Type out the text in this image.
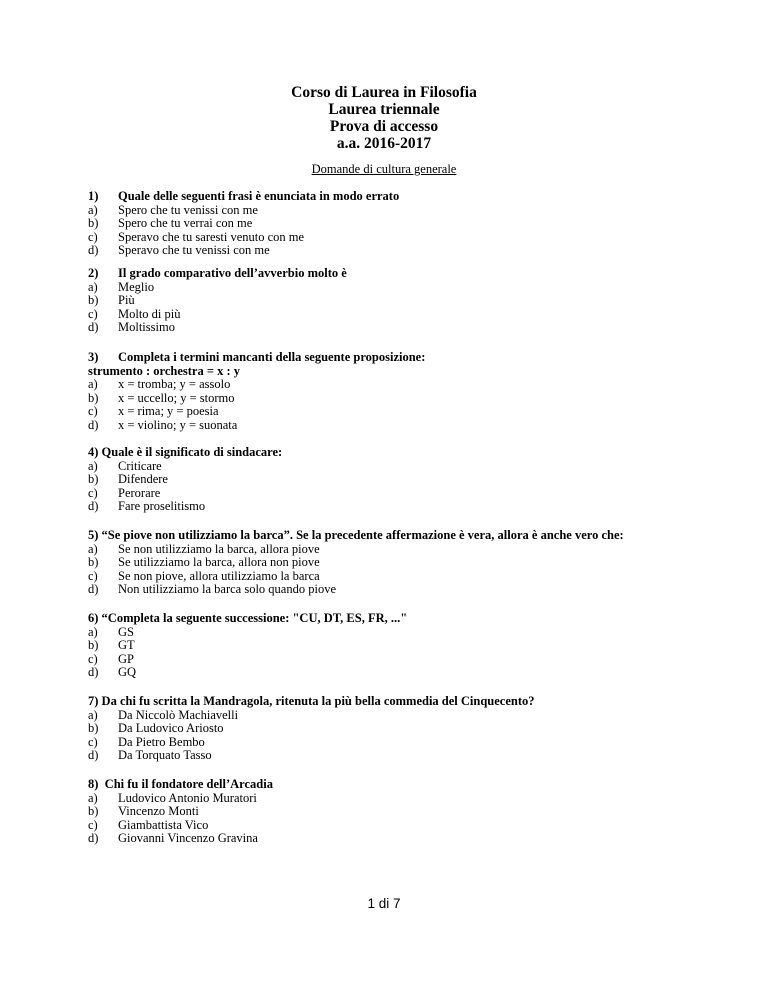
Corso di Laurea in Filosofia
Laurea triennale
Prova di accesso
a.a. 2016-2017
Domande di cultura generale
1) Quale delle seguenti frasi è enunciata in modo errato
a) Spero che tu venissi con me
b) Spero che tu verrai con me
c) Speravo che tu saresti venuto con me
d) Speravo che tu venissi con me
2) Il grado comparativo dell’avverbio molto è
a) Meglio
b) Più
c) Molto di più
d) Moltissimo
3) Completa i termini mancanti della seguente proposizione:
strumento : orchestra = x : y
a) x = tromba; y = assolo
b) x = uccello; y = stormo
c) x = rima; y = poesia
d) x = violino; y = suonata
4) Quale è il significato di sindacare:
a) Criticare
b) Difendere
c) Perorare
d) Fare proselitismo
5) “Se piove non utilizziamo la barca”. Se la precedente affermazione è vera, allora è anche vero che:
a) Se non utilizziamo la barca, allora piove
b) Se utilizziamo la barca, allora non piove
c) Se non piove, allora utilizziamo la barca
d) Non utilizziamo la barca solo quando piove
6) “Completa la seguente successione: "CU, DT, ES, FR, ..."
a) GS
b) GT
c) GP
d) GQ
7) Da chi fu scritta la Mandragola, ritenuta la più bella commedia del Cinquecento?
a) Da Niccolò Machiavelli
b) Da Ludovico Ariosto
c) Da Pietro Bembo
d) Da Torquato Tasso
8)  Chi fu il fondatore dell’Arcadia
a) Ludovico Antonio Muratori
b) Vincenzo Monti
c) Giambattista Vico
d) Giovanni Vincenzo Gravina
1 di 7
